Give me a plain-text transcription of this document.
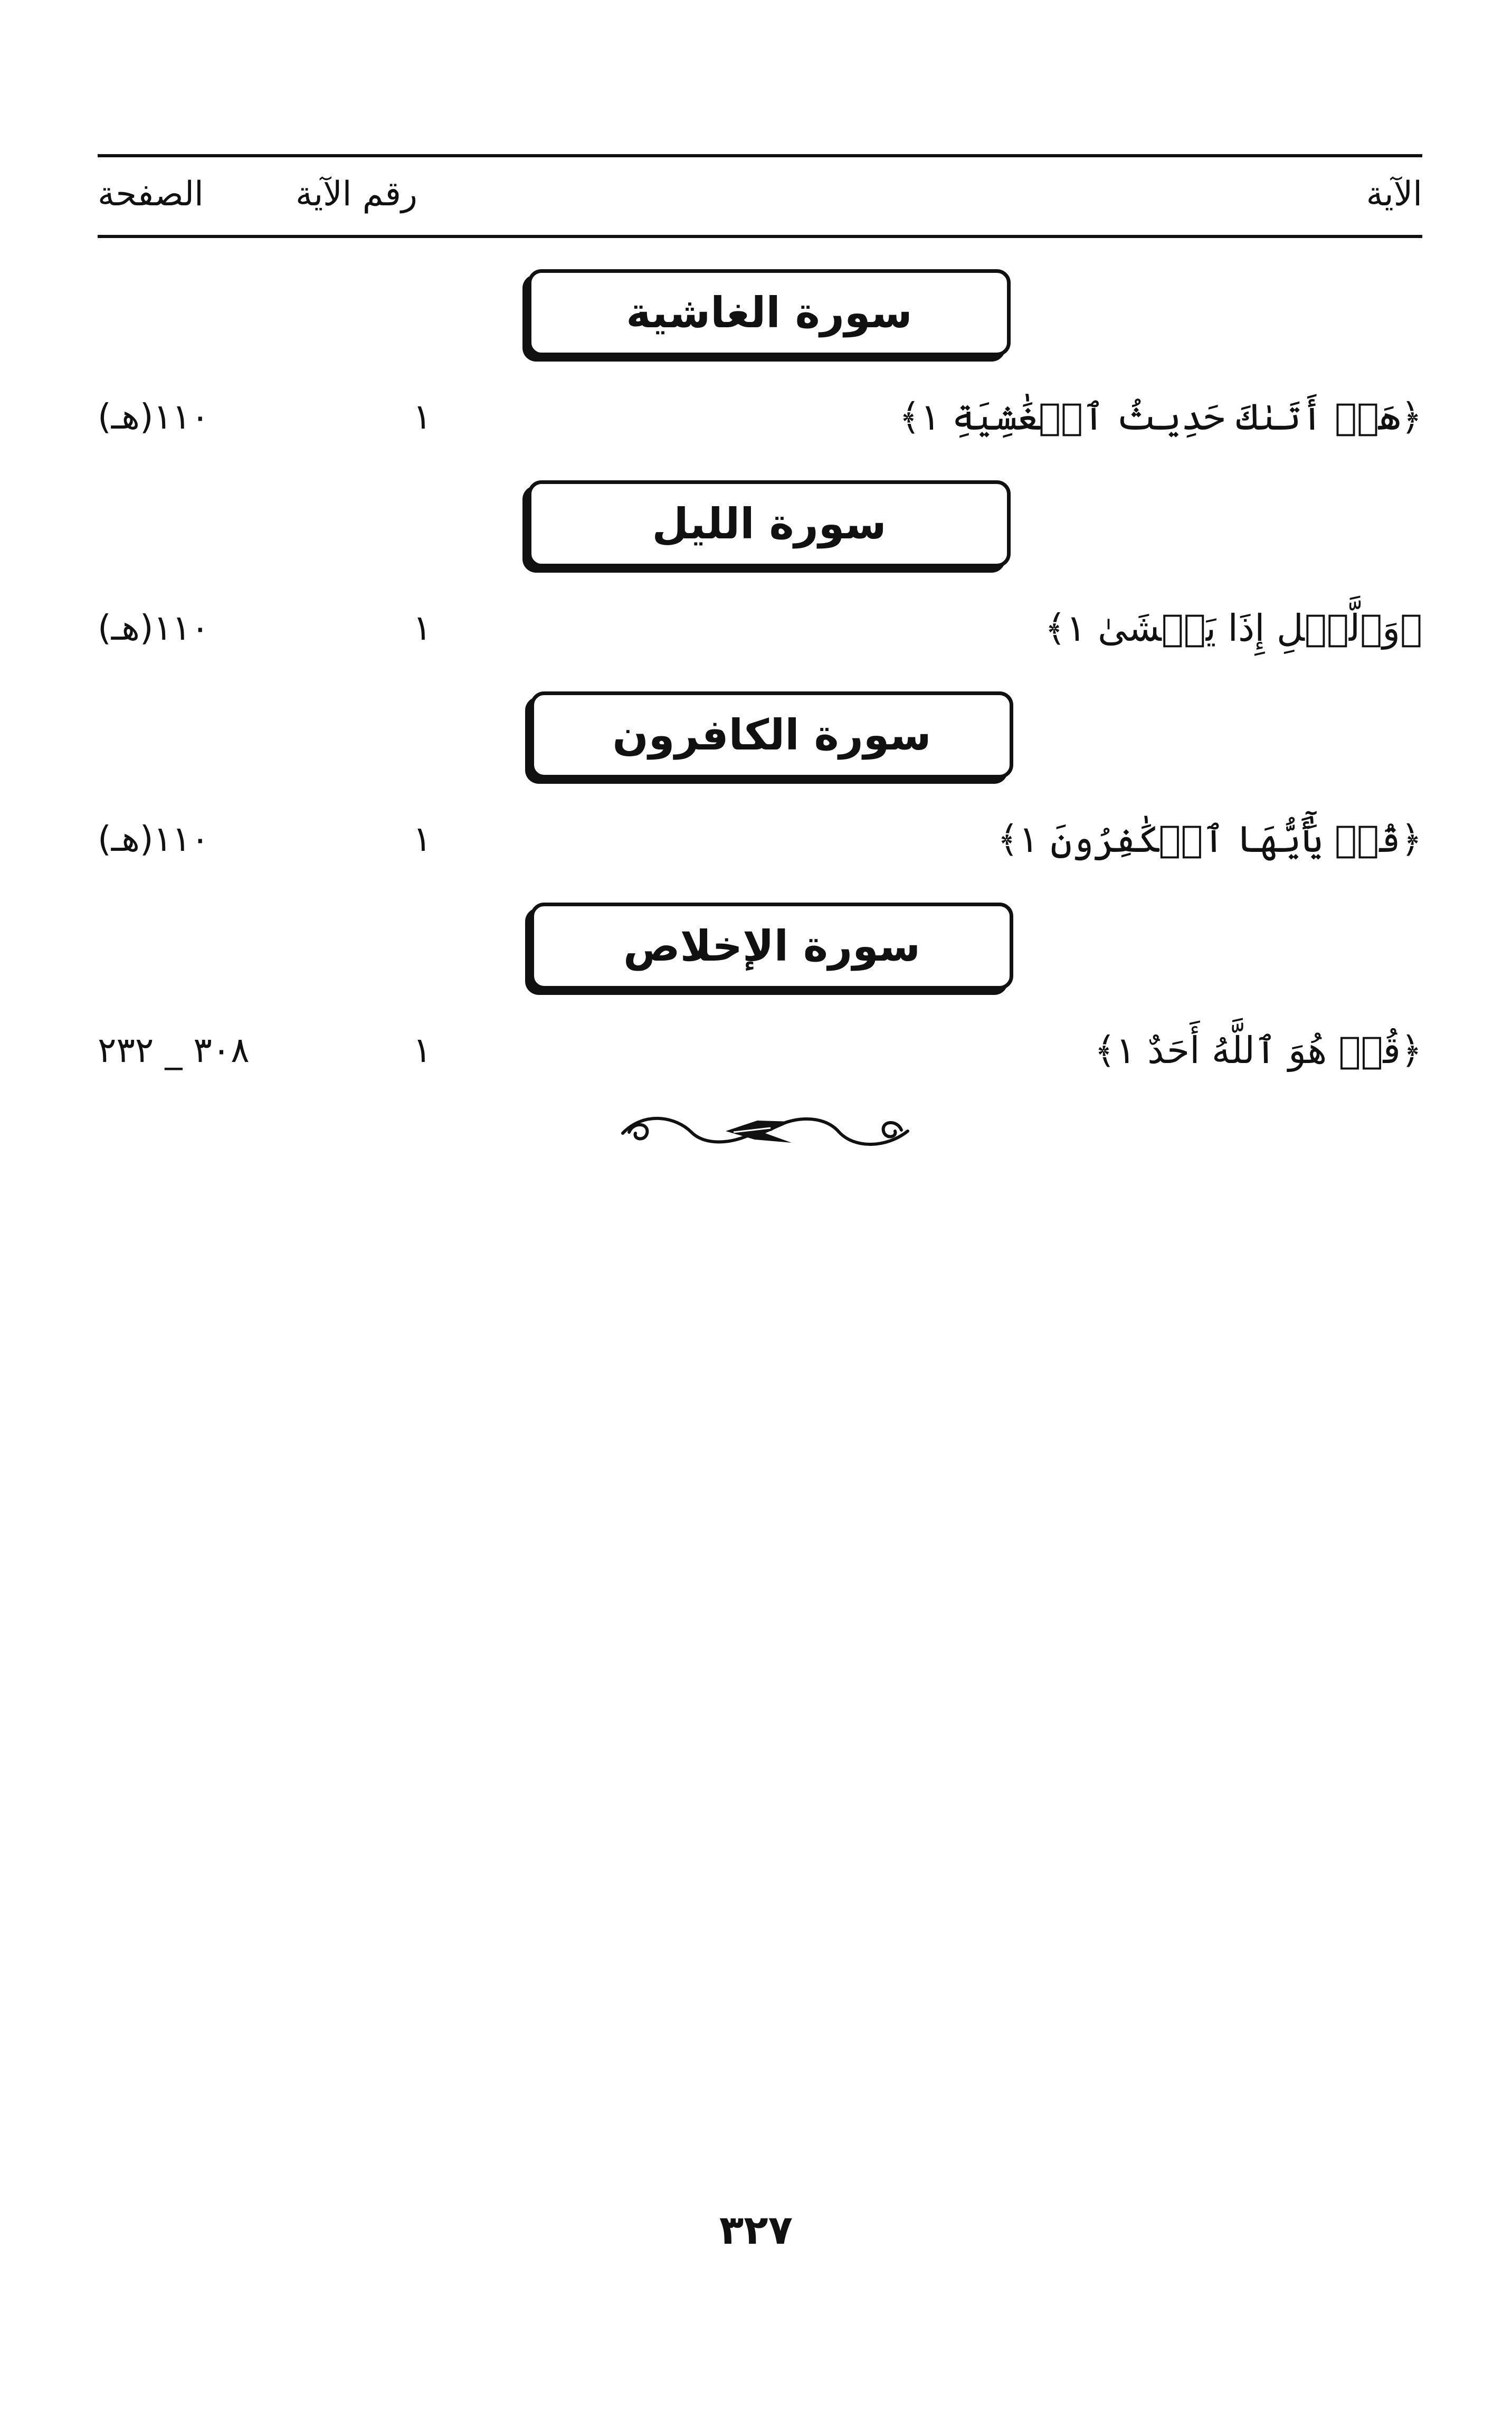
الآية
رقم الآية
الصفحة
سورة الغاشية
﴿هَلۡ أَتَىٰكَ حَدِيثُ ٱلۡغَٰشِيَةِ ١﴾
١
١١٠(هـ)
سورة الليل
﴿وَٱلَّيۡلِ إِذَا يَغۡشَىٰ ١﴾
١
١١٠(هـ)
سورة الكافرون
﴿قُلۡ يَٰٓأَيُّهَا ٱلۡكَٰفِرُونَ ١﴾
١
١١٠(هـ)
سورة الإخلاص
﴿قُلۡ هُوَ ٱللَّهُ أَحَدٌ ١﴾
١
٣٠٨ _ ٢٣٢
٣٢٧
